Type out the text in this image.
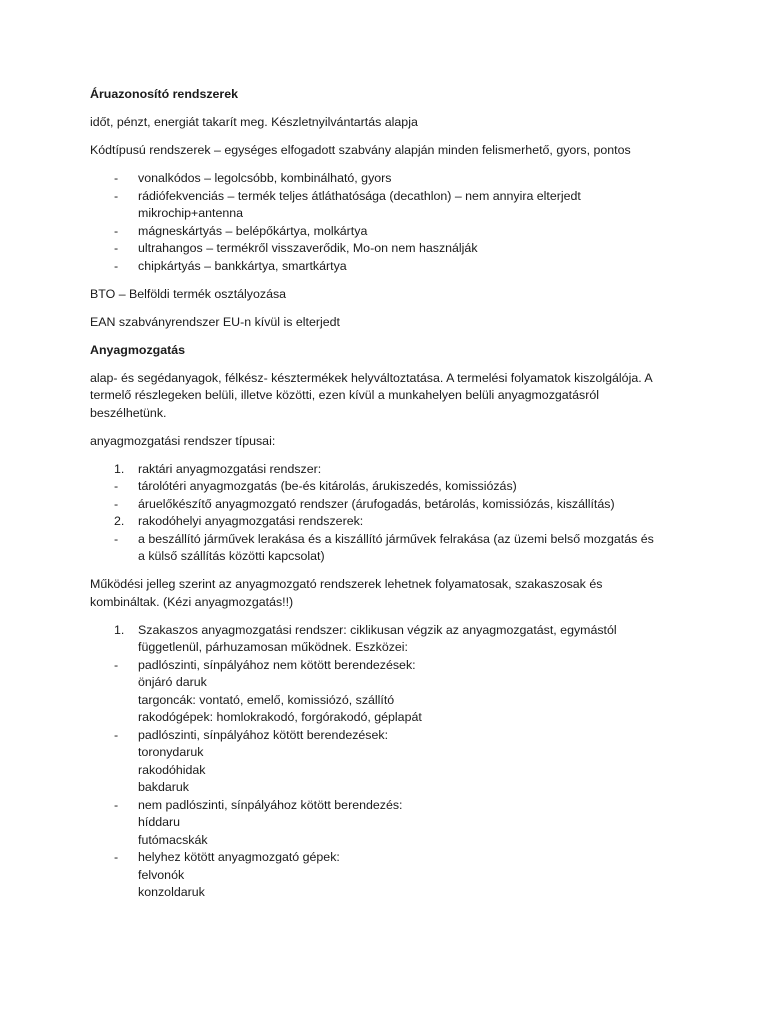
Áruazonosító rendszerek

időt, pénzt, energiát takarít meg. Készletnyilvántartás alapja

Kódtípusú rendszerek – egységes elfogadott szabvány alapján minden felismerhető, gyors, pontos

- vonalkódos – legolcsóbb, kombinálható, gyors
- rádiófekvenciás – termék teljes átláthatósága (decathlon) – nem annyira elterjedt
mikrochip+antenna
- mágneskártyás – belépőkártya, molkártya
- ultrahangos – termékről visszaverődik, Mo-on nem használják
- chipkártyás – bankkártya, smartkártya

BTO – Belföldi termék osztályozása

EAN szabványrendszer EU-n kívül is elterjedt

Anyagmozgatás

alap- és segédanyagok, félkész- késztermékek helyváltoztatása. A termelési folyamatok kiszolgálója. A

termelő részlegeken belüli, illetve közötti, ezen kívül a munkahelyen belüli anyagmozgatásról

beszélhetünk.

anyagmozgatási rendszer típusai:

1. raktári anyagmozgatási rendszer:
- tárolótéri anyagmozgatás (be-és kitárolás, árukiszedés, komissiózás)
- áruelőkészítő anyagmozgató rendszer (árufogadás, betárolás, komissiózás, kiszállítás)
2. rakodóhelyi anyagmozgatási rendszerek:
- a beszállító járművek lerakása és a kiszállító járművek felrakása (az üzemi belső mozgatás és
a külső szállítás közötti kapcsolat)

Működési jelleg szerint az anyagmozgató rendszerek lehetnek folyamatosak, szakaszosak és

kombináltak. (Kézi anyagmozgatás!!)

1. Szakaszos anyagmozgatási rendszer: ciklikusan végzik az anyagmozgatást, egymástól
függetlenül, párhuzamosan működnek. Eszközei:
- padlószinti, sínpályához nem kötött berendezések:
önjáró daruk
targoncák: vontató, emelő, komissiózó, szállító
rakodógépek: homlokrakodó, forgórakodó, géplapát
- padlószinti, sínpályához kötött berendezések:
toronydaruk
rakodóhidak
bakdaruk
- nem padlószinti, sínpályához kötött berendezés:
híddaru
futómacskák
- helyhez kötött anyagmozgató gépek:
felvonók
konzoldaruk
